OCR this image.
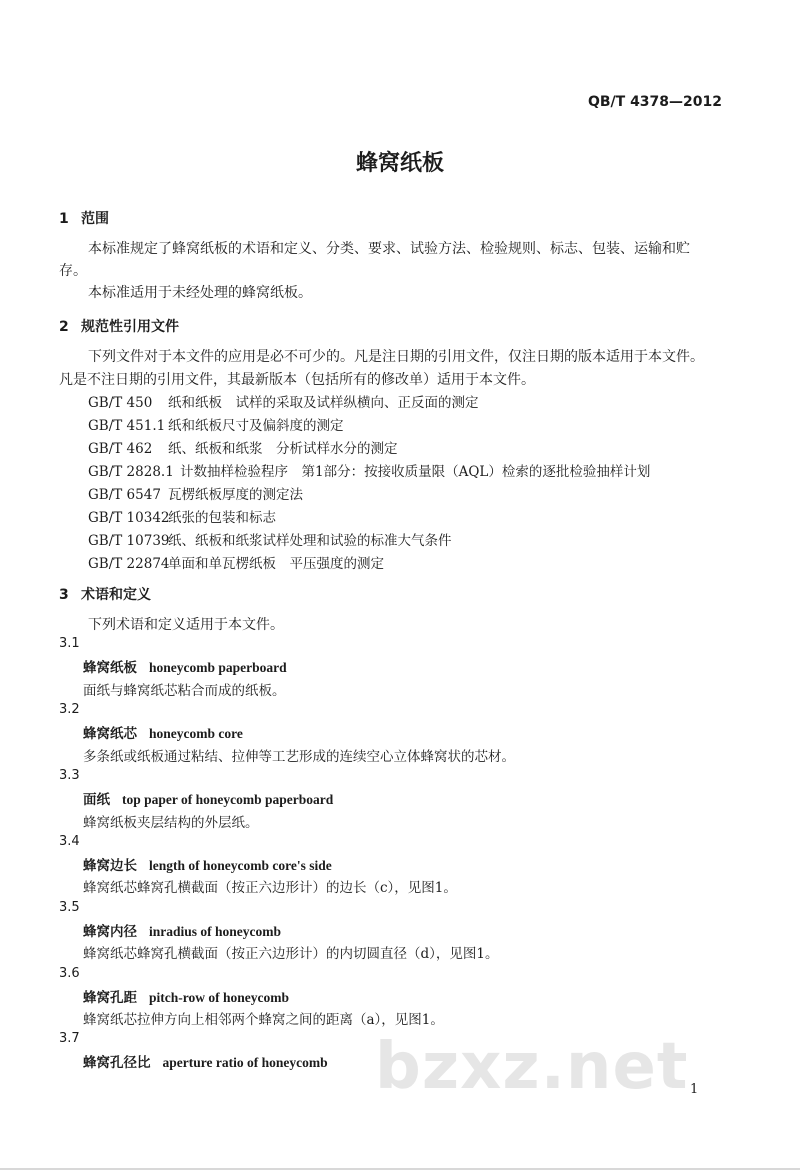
QB/T 4378—2012
蜂窝纸板
1 范围
本标准规定了蜂窝纸板的术语和定义、分类、要求、试验方法、检验规则、标志、包装、运输和贮
存。
本标准适用于未经处理的蜂窝纸板。
2 规范性引用文件
下列文件对于本文件的应用是必不可少的。凡是注日期的引用文件，仅注日期的版本适用于本文件。
凡是不注日期的引用文件，其最新版本（包括所有的修改单）适用于本文件。
GB/T 450 纸和纸板　试样的采取及试样纵横向、正反面的测定
GB/T 451.1 纸和纸板尺寸及偏斜度的测定
GB/T 462 纸、纸板和纸浆　分析试样水分的测定
GB/T 2828.1 计数抽样检验程序　第1部分：按接收质量限（AQL）检索的逐批检验抽样计划
GB/T 6547 瓦楞纸板厚度的测定法
GB/T 10342纸张的包装和标志
GB/T 10739纸、纸板和纸浆试样处理和试验的标准大气条件
GB/T 22874单面和单瓦楞纸板　平压强度的测定
3 术语和定义
下列术语和定义适用于本文件。
3.1
蜂窝纸板 honeycomb paperboard
面纸与蜂窝纸芯粘合而成的纸板。
3.2
蜂窝纸芯 honeycomb core
多条纸或纸板通过粘结、拉伸等工艺形成的连续空心立体蜂窝状的芯材。
3.3
面纸 top paper of honeycomb paperboard
蜂窝纸板夹层结构的外层纸。
3.4
蜂窝边长 length of honeycomb core's side
蜂窝纸芯蜂窝孔横截面（按正六边形计）的边长（c），见图1。
3.5
蜂窝内径 inradius of honeycomb
蜂窝纸芯蜂窝孔横截面（按正六边形计）的内切圆直径（d），见图1。
3.6
蜂窝孔距 pitch-row of honeycomb
蜂窝纸芯拉伸方向上相邻两个蜂窝之间的距离（a），见图1。
3.7
蜂窝孔径比 aperture ratio of honeycomb bzxz.net 1
